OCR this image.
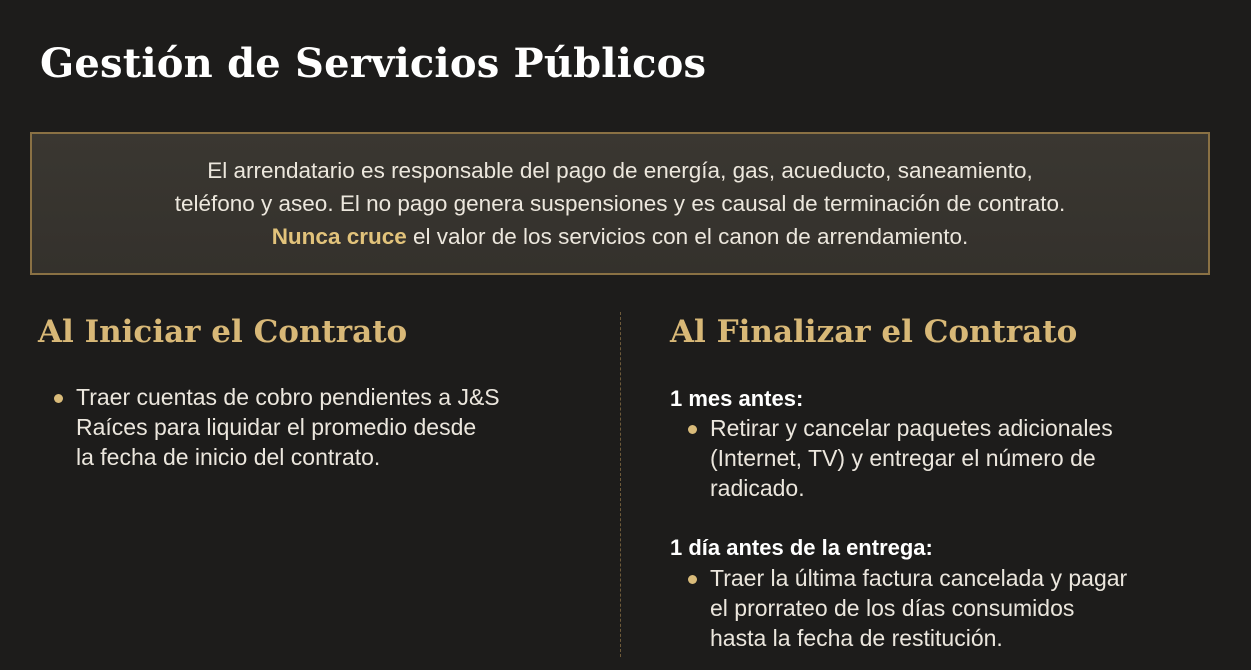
Gestión de Servicios Públicos
El arrendatario es responsable del pago de energía, gas, acueducto, saneamiento,
teléfono y aseo. El no pago genera suspensiones y es causal de terminación de contrato.
Nunca cruce el valor de los servicios con el canon de arrendamiento.
Al Iniciar el Contrato
Traer cuentas de cobro pendientes a J&S
Raíces para liquidar el promedio desde
la fecha de inicio del contrato.
Al Finalizar el Contrato
1 mes antes:
Retirar y cancelar paquetes adicionales
(Internet, TV) y entregar el número de
radicado.
1 día antes de la entrega:
Traer la última factura cancelada y pagar
el prorrateo de los días consumidos
hasta la fecha de restitución.
